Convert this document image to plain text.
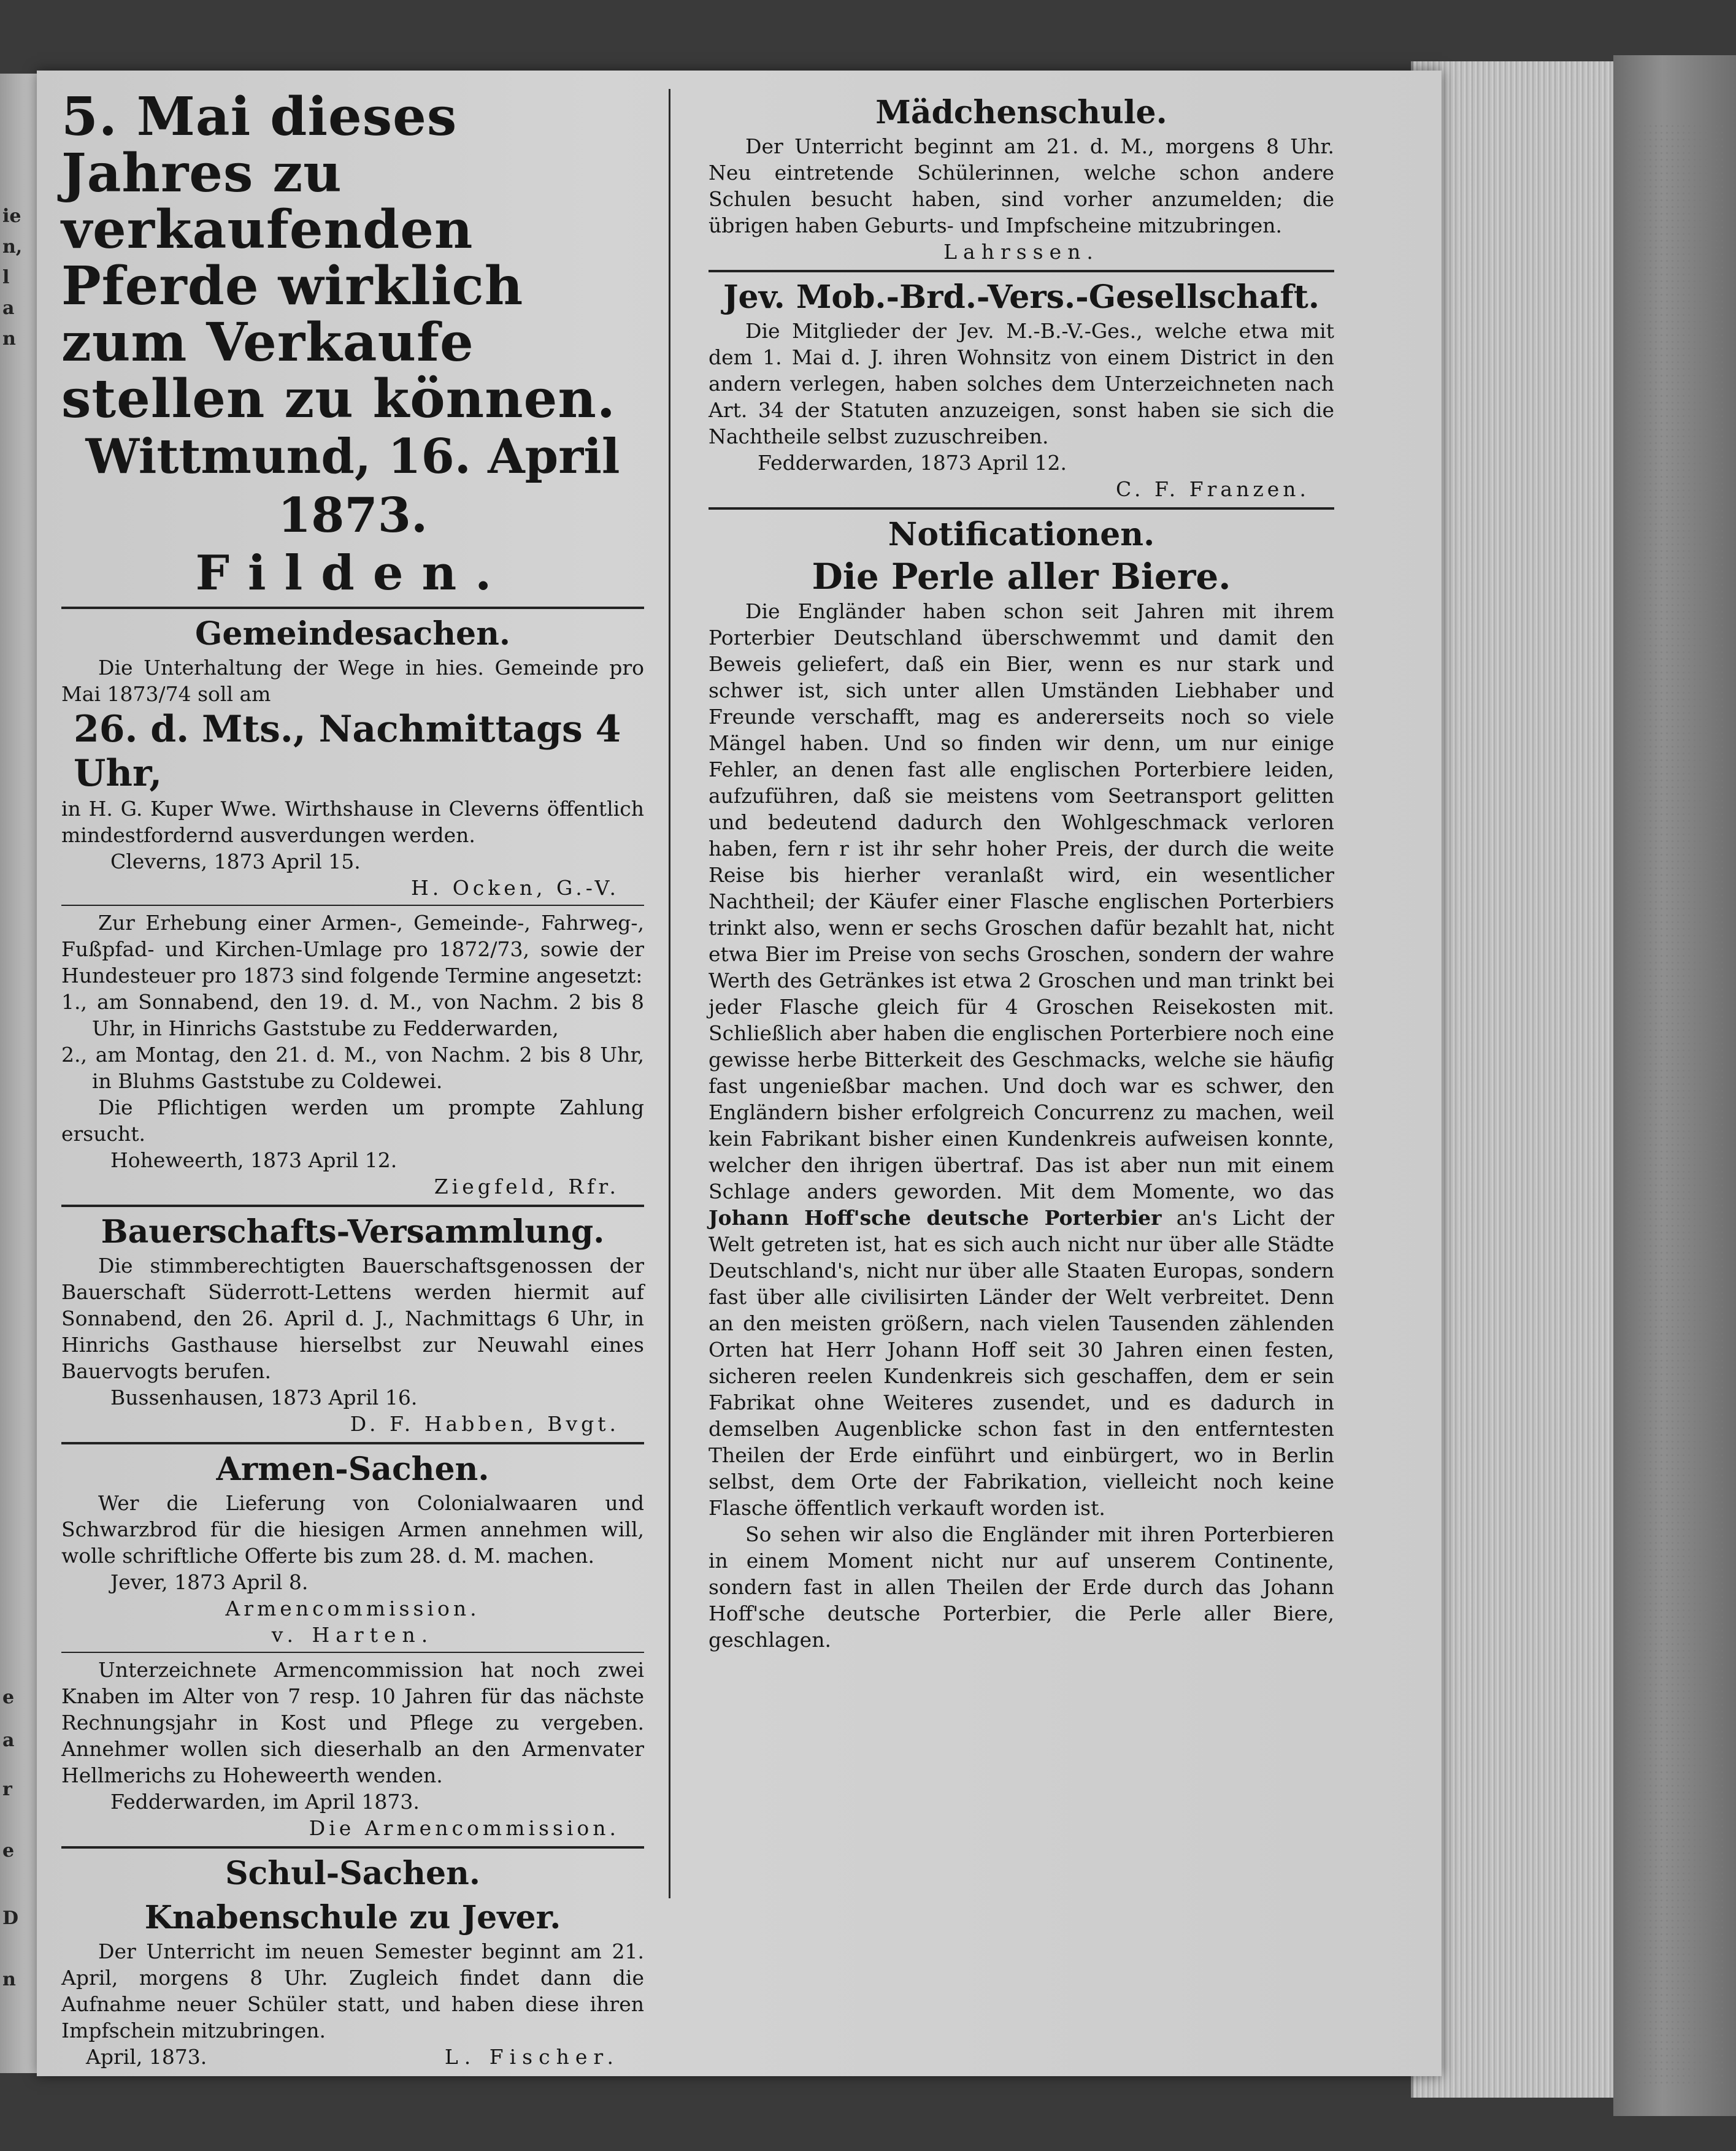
ie
n,
l
a
n
e
a
r
e
D
n
5. Mai dieses Jahres zu verkaufenden Pferde wirklich zum Verkaufe stellen zu können.
Wittmund, 16. April 1873.
Filden.
Gemeindesachen.

Die Unterhaltung der Wege in hies. Gemeinde pro Mai 1873/74 soll am

26. d. Mts., Nachmittags 4 Uhr,

in H. G. Kuper Wwe. Wirthshause in Cleverns öffentlich mindestfordernd ausverdungen werden.

Cleverns, 1873 April 15.

H. Ocken, G.-V.

Zur Erhebung einer Armen-, Gemeinde-, Fahrweg-, Fußpfad- und Kirchen-Umlage pro 1872/73, sowie der Hundesteuer pro 1873 sind folgende Termine angesetzt:

1., am Sonnabend, den 19. d. M., von Nachm. 2 bis 8 Uhr, in Hinrichs Gaststube zu Fedderwarden,

2., am Montag, den 21. d. M., von Nachm. 2 bis 8 Uhr, in Bluhms Gaststube zu Coldewei.

Die Pflichtigen werden um prompte Zahlung ersucht.

Hoheweerth, 1873 April 12.

Ziegfeld, Rfr.

Bauerschafts-Versammlung.

Die stimmberechtigten Bauerschaftsgenossen der Bauerschaft Süderrott-Lettens werden hiermit auf Sonnabend, den 26. April d. J., Nachmittags 6 Uhr, in Hinrichs Gasthause hierselbst zur Neuwahl eines Bauervogts berufen.

Bussenhausen, 1873 April 16.

D. F. Habben, Bvgt.

Armen-Sachen.

Wer die Lieferung von Colonialwaaren und Schwarzbrod für die hiesigen Armen annehmen will, wolle schriftliche Offerte bis zum 28. d. M. machen.

Jever, 1873 April 8.

Armencommission.

v. Harten.

Unterzeichnete Armencommission hat noch zwei Knaben im Alter von 7 resp. 10 Jahren für das nächste Rechnungsjahr in Kost und Pflege zu vergeben. Annehmer wollen sich dieserhalb an den Armenvater Hellmerichs zu Hoheweerth wenden.

Fedderwarden, im April 1873.

Die Armencommission.

Schul-Sachen.
Knabenschule zu Jever.

Der Unterricht im neuen Semester beginnt am 21. April, morgens 8 Uhr. Zugleich findet dann die Aufnahme neuer Schüler statt, und haben diese ihren Impfschein mitzubringen.

April, 1873.	L. Fischer.

Mädchenschule.

Der Unterricht beginnt am 21. d. M., morgens 8 Uhr. Neu eintretende Schülerinnen, welche schon andere Schulen besucht haben, sind vorher anzumelden; die übrigen haben Geburts- und Impfscheine mitzubringen.

Lahrssen.

Jev. Mob.-Brd.-Vers.-Gesellschaft.

Die Mitglieder der Jev. M.-B.-V.-Ges., welche etwa mit dem 1. Mai d. J. ihren Wohnsitz von einem District in den andern verlegen, haben solches dem Unterzeichneten nach Art. 34 der Statuten anzuzeigen, sonst haben sie sich die Nachtheile selbst zuzuschreiben.

Fedderwarden, 1873 April 12.

C. F. Franzen.

Notificationen.
Die Perle aller Biere.

Die Engländer haben schon seit Jahren mit ihrem Porterbier Deutschland überschwemmt und damit den Beweis geliefert, daß ein Bier, wenn es nur stark und schwer ist, sich unter allen Umständen Liebhaber und Freunde verschafft, mag es andererseits noch so viele Mängel haben. Und so finden wir denn, um nur einige Fehler, an denen fast alle englischen Porterbiere leiden, aufzuführen, daß sie meistens vom Seetransport gelitten und bedeutend dadurch den Wohlgeschmack verloren haben, fern r ist ihr sehr hoher Preis, der durch die weite Reise bis hierher veranlaßt wird, ein wesentlicher Nachtheil; der Käufer einer Flasche englischen Porterbiers trinkt also, wenn er sechs Groschen dafür bezahlt hat, nicht etwa Bier im Preise von sechs Groschen, sondern der wahre Werth des Getränkes ist etwa 2 Groschen und man trinkt bei jeder Flasche gleich für 4 Groschen Reisekosten mit. Schließlich aber haben die englischen Porterbiere noch eine gewisse herbe Bitterkeit des Geschmacks, welche sie häufig fast ungenießbar machen. Und doch war es schwer, den Engländern bisher erfolgreich Concurrenz zu machen, weil kein Fabrikant bisher einen Kundenkreis aufweisen konnte, welcher den ihrigen übertraf. Das ist aber nun mit einem Schlage anders geworden. Mit dem Momente, wo das Johann Hoff'sche deutsche Porterbier an's Licht der Welt getreten ist, hat es sich auch nicht nur über alle Städte Deutschland's, nicht nur über alle Staaten Europas, sondern fast über alle civilisirten Länder der Welt verbreitet. Denn an den meisten größern, nach vielen Tausenden zählenden Orten hat Herr Johann Hoff seit 30 Jahren einen festen, sicheren reelen Kundenkreis sich geschaffen, dem er sein Fabrikat ohne Weiteres zusendet, und es dadurch in demselben Augenblicke schon fast in den entferntesten Theilen der Erde einführt und einbürgert, wo in Berlin selbst, dem Orte der Fabrikation, vielleicht noch keine Flasche öffentlich verkauft worden ist.

So sehen wir also die Engländer mit ihren Porterbieren in einem Moment nicht nur auf unserem Continente, sondern fast in allen Theilen der Erde durch das Johann Hoff'sche deutsche Porterbier, die Perle aller Biere, geschlagen.
